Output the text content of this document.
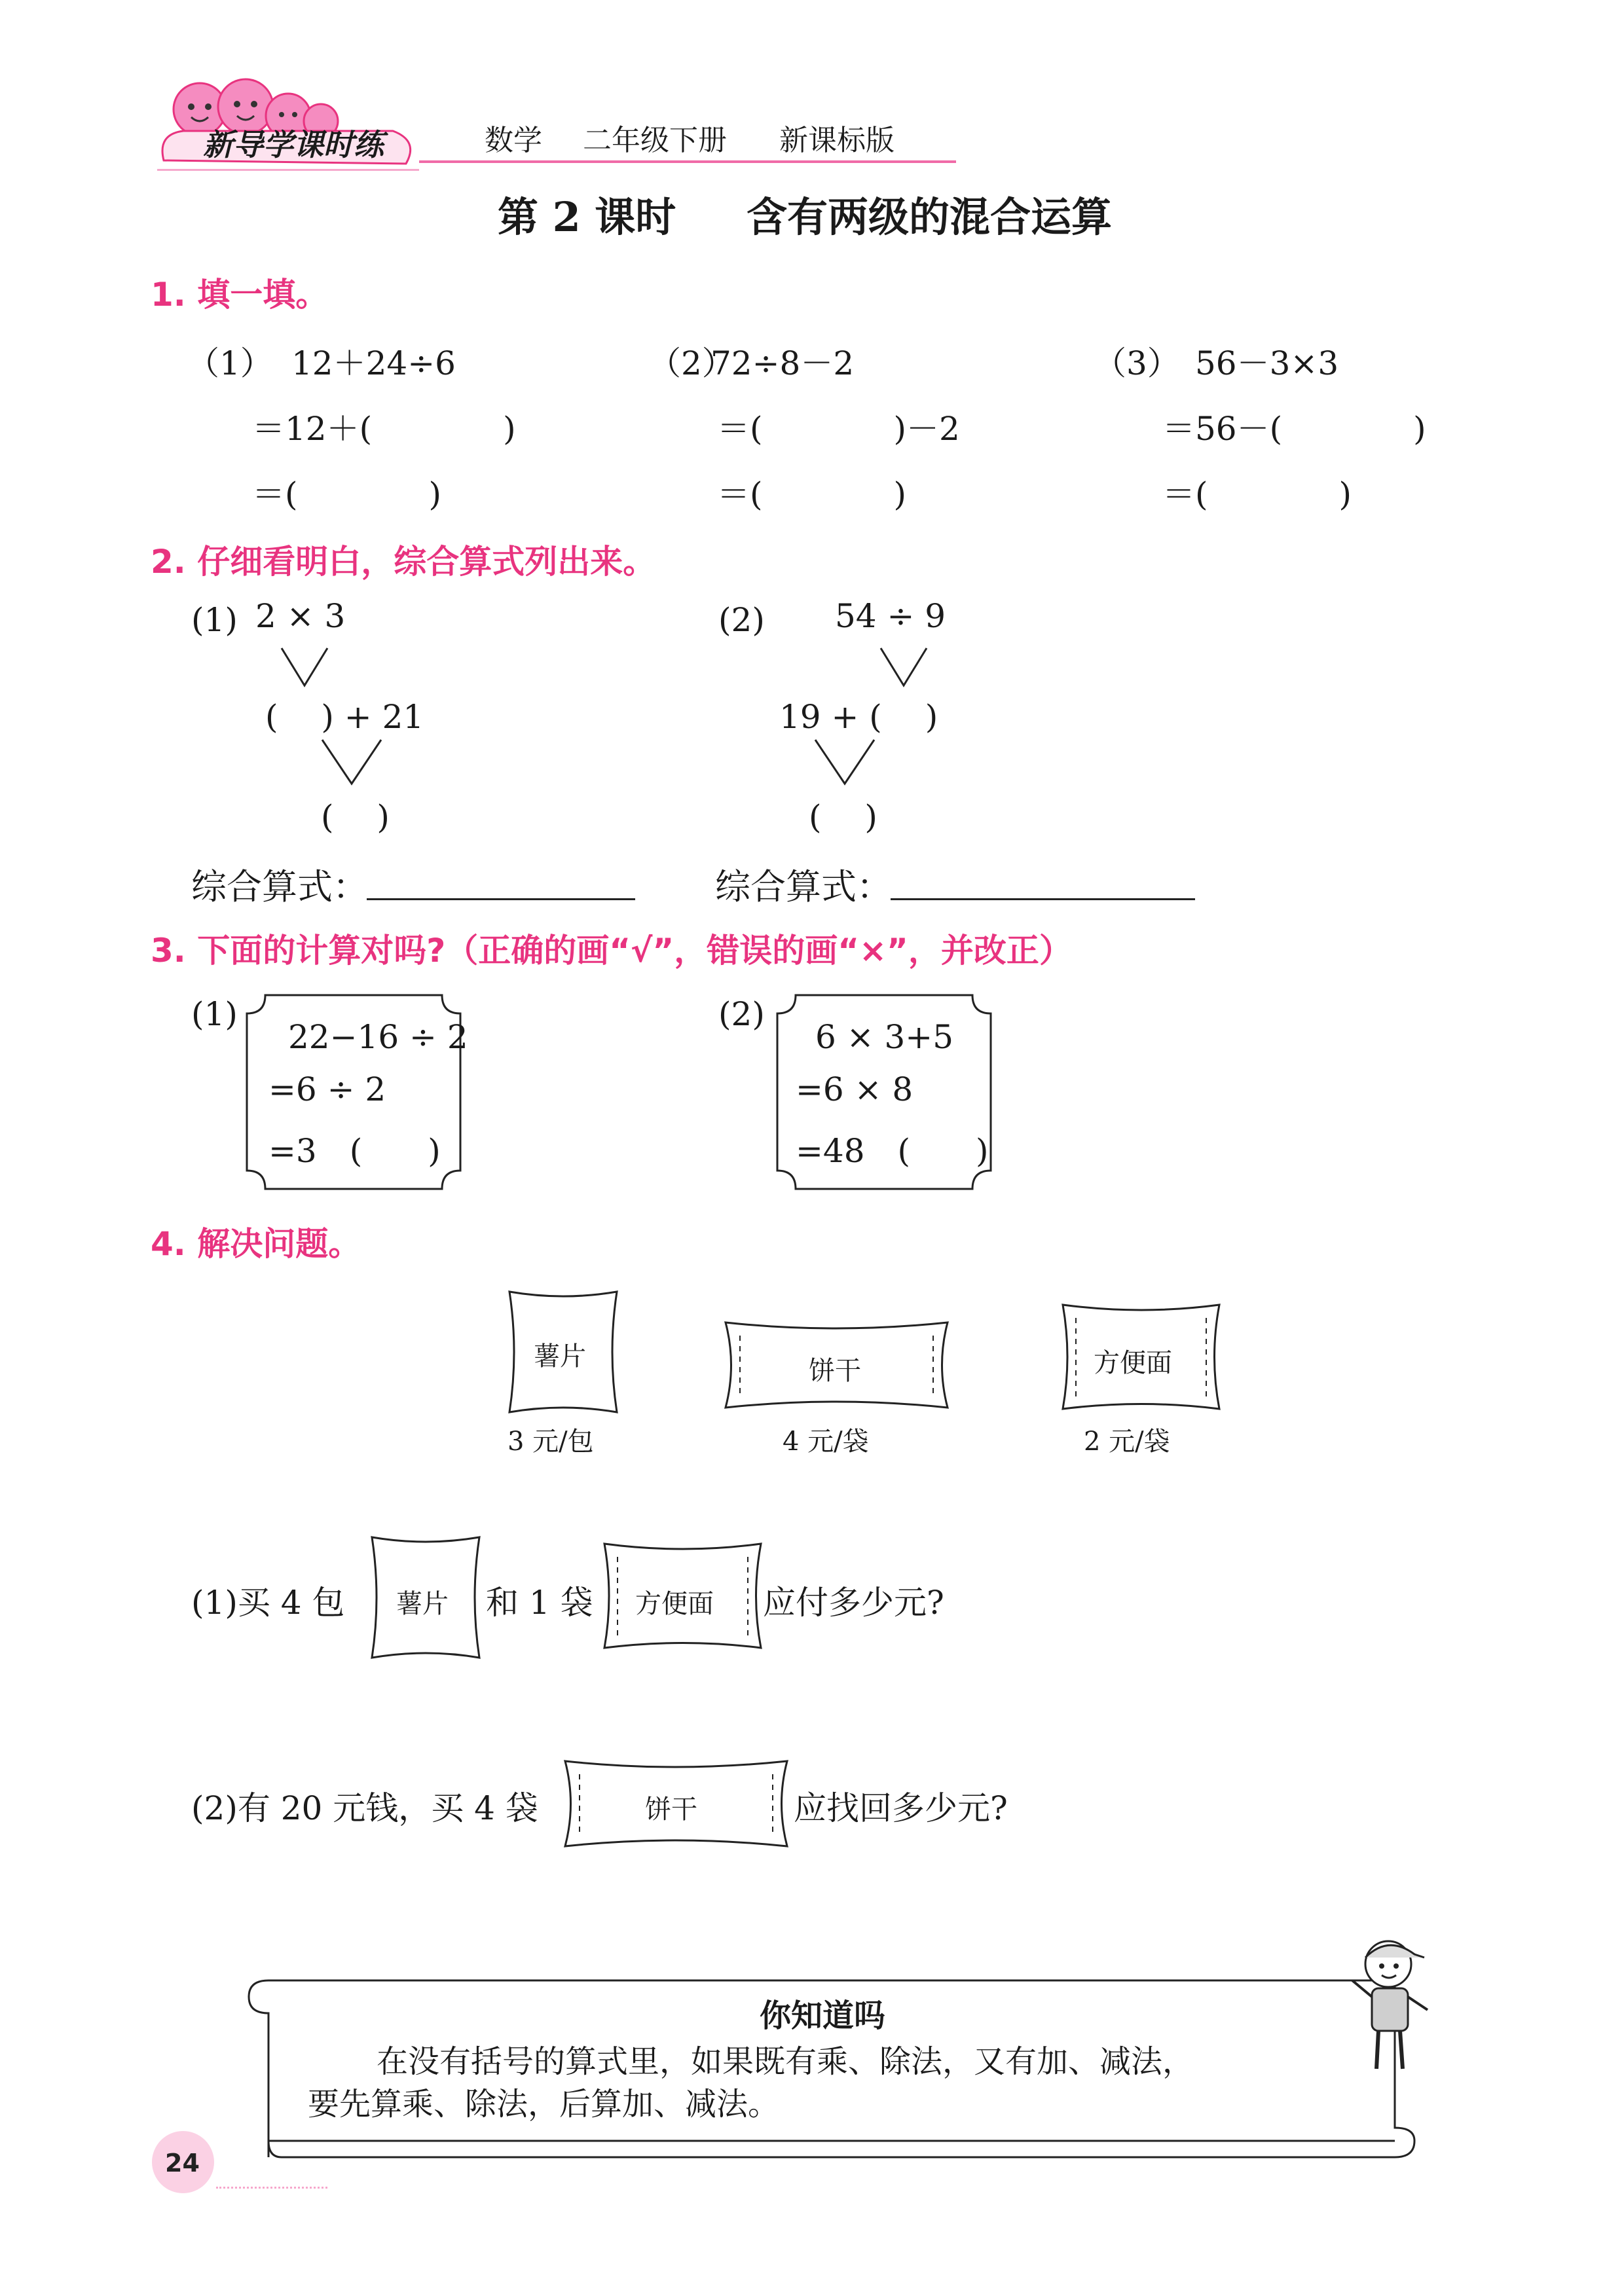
新导学课时练	数学 二年级下册 新课标版
第 2 课时 含有两级的混合运算
1. 填一填。
（1） 12＋24÷6
＝12＋(　　　　)
＝(　　　　)
（2）
72÷8－2
＝(　　　　)－2
＝(　　　　)
（3） 56－3×3
＝56－(　　　　)
＝(　　　　)
2. 仔细看明白，综合算式列出来。
(1) 2 × 3
(　 ) + 21
(　 )
(2) 54 ÷ 9
19 + (　 )
(　 )
综合算式：	综合算式：
3. 下面的计算对吗?（正确的画“√”，错误的画“×”，并改正）
(1)
22−16 ÷ 2
=6 ÷ 2
=3　(　　)
(2)
6 × 3+5
=6 × 8
=48　(　　)
4. 解决问题。
薯片
3 元/包
饼干
4 元/袋
方便面
2 元/袋
(1)买 4 包 薯片 和 1 袋 方便面 应付多少元?
(2)有 20 元钱，买 4 袋	饼干	应找回多少元?
你知道吗
在没有括号的算式里，如果既有乘、除法，又有加、减法，
要先算乘、除法，后算加、减法。
24
